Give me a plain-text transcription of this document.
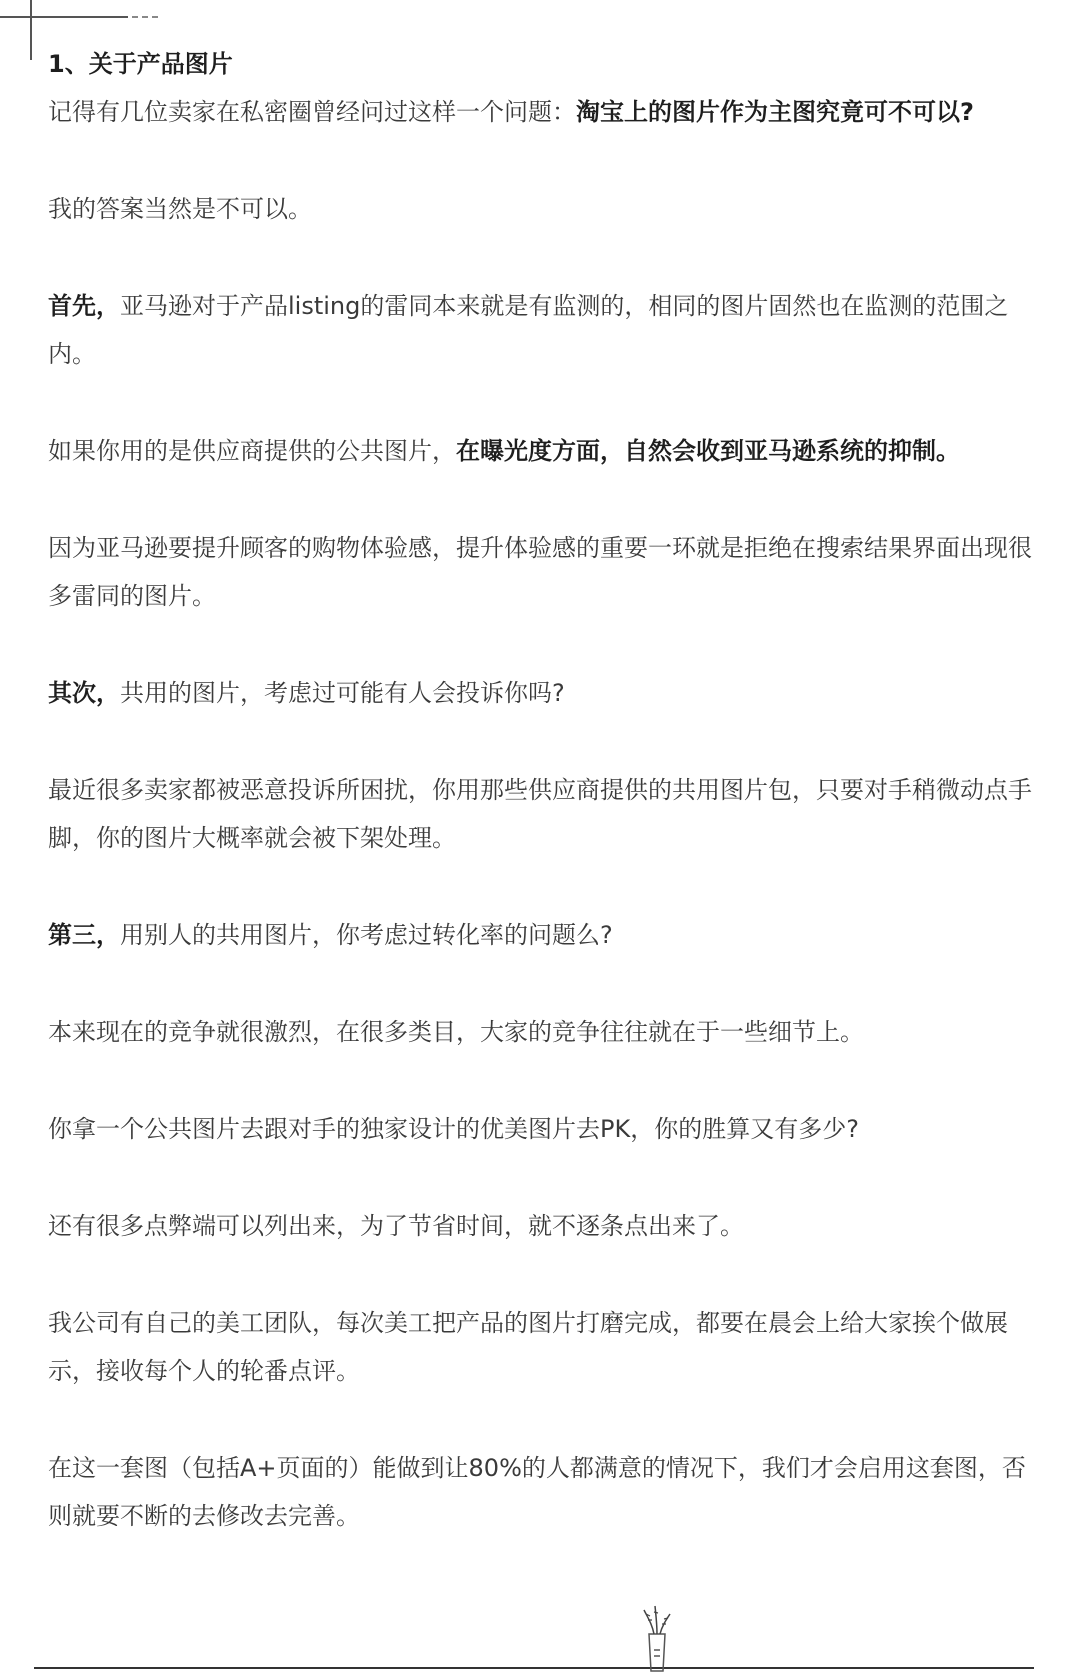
1、关于产品图片

记得有几位卖家在私密圈曾经问过这样一个问题：淘宝上的图片作为主图究竟可不可以?

我的答案当然是不可以。

首先，亚马逊对于产品listing的雷同本来就是有监测的，相同的图片固然也在监测的范围之内。

如果你用的是供应商提供的公共图片，在曝光度方面，自然会收到亚马逊系统的抑制。

因为亚马逊要提升顾客的购物体验感，提升体验感的重要一环就是拒绝在搜索结果界面出现很多雷同的图片。

其次，共用的图片，考虑过可能有人会投诉你吗?

最近很多卖家都被恶意投诉所困扰，你用那些供应商提供的共用图片包，只要对手稍微动点手脚，你的图片大概率就会被下架处理。

第三，用别人的共用图片，你考虑过转化率的问题么?

本来现在的竞争就很激烈，在很多类目，大家的竞争往往就在于一些细节上。

你拿一个公共图片去跟对手的独家设计的优美图片去PK，你的胜算又有多少?

还有很多点弊端可以列出来，为了节省时间，就不逐条点出来了。

我公司有自己的美工团队，每次美工把产品的图片打磨完成，都要在晨会上给大家挨个做展示，接收每个人的轮番点评。

在这一套图（包括A+页面的）能做到让80%的人都满意的情况下，我们才会启用这套图，否则就要不断的去修改去完善。
